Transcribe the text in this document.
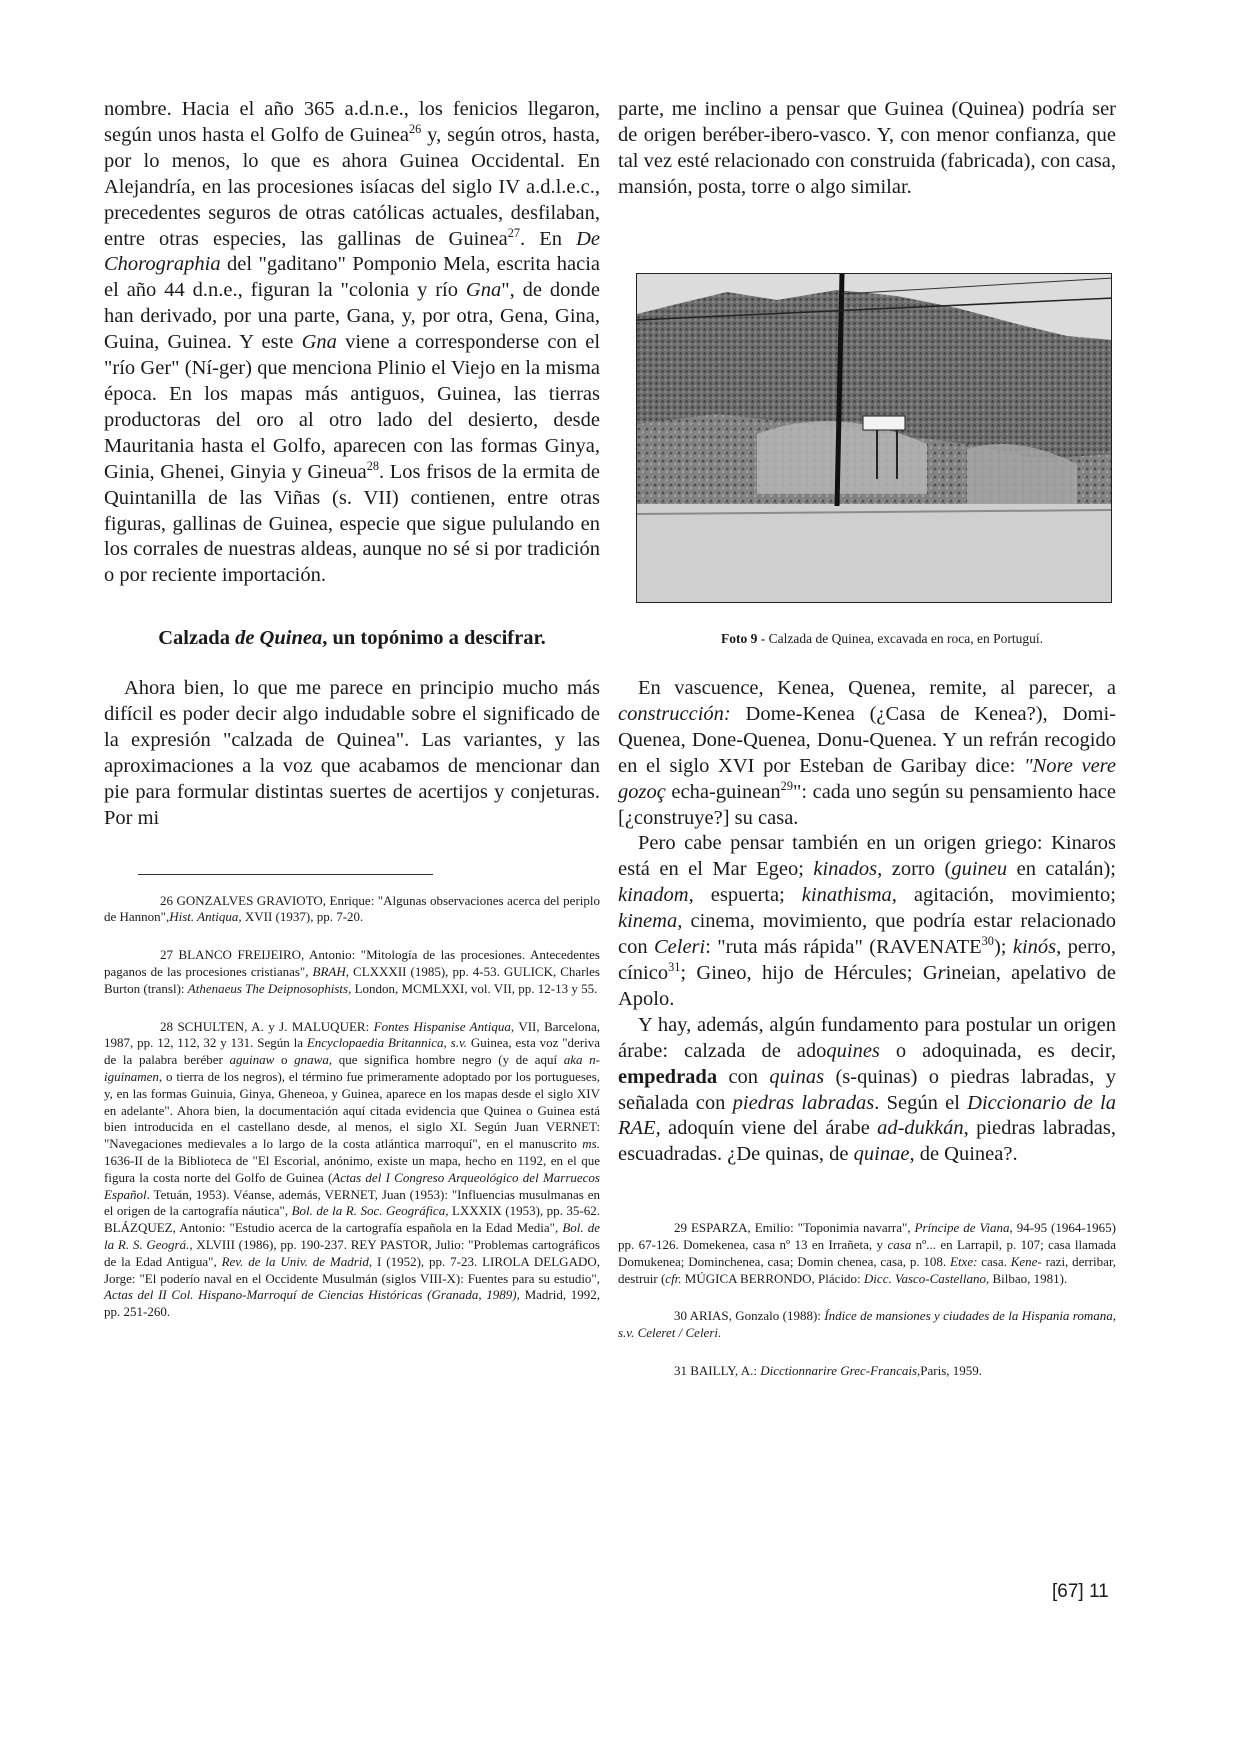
nombre. Hacia el año 365 a.d.n.e., los fenicios llegaron, según unos hasta el Golfo de Guinea$^{26}$ y, según otros, hasta, por lo menos, lo que es ahora Guinea Occidental. En Alejandría, en las procesiones isíacas del siglo IV a.d.l.e.c., precedentes seguros de otras católicas actuales, desfilaban, entre otras especies, las gallinas de Guinea$^{27}$. En De Chorographia del "gaditano" Pomponio Mela, escrita hacia el año 44 d.n.e., figuran la "colonia y río Gna", de donde han derivado, por una parte, Gana, y, por otra, Gena, Gina, Guina, Guinea. Y este Gna viene a corresponderse con el "río Ger" (Ní-ger) que menciona Plinio el Viejo en la misma época. En los mapas más antiguos, Guinea, las tierras productoras del oro al otro lado del desierto, desde Mauritania hasta el Golfo, aparecen con las formas Ginya, Ginia, Ghenei, Ginyia y Gineua$^{28}$. Los frisos de la ermita de Quintanilla de las Viñas (s. VII) contienen, entre otras figuras, gallinas de Guinea, especie que sigue pululando en los corrales de nuestras aldeas, aunque no sé si por tradición o por reciente importación.

Calzada de Quinea, un topónimo a descifrar.

Ahora bien, lo que me parece en principio mucho más difícil es poder decir algo indudable sobre el significado de la expresión "calzada de Quinea". Las variantes, y las aproximaciones a la voz que acabamos de mencionar dan pie para formular distintas suertes de acertijos y conjeturas. Por mi

26 GONZALVES GRAVIOTO, Enrique: "Algunas observaciones acerca del periplo de Hannon",Hist. Antiqua, XVII (1937), pp. 7-20.

27 BLANCO FREIJEIRO, Antonio: "Mitología de las procesiones. Antecedentes paganos de las procesiones cristianas", BRAH, CLXXXII (1985), pp. 4-53. GULICK, Charles Burton (transl): Athenaeus The Deipnosophists, London, MCMLXXI, vol. VII, pp. 12-13 y 55.

28 SCHULTEN, A. y J. MALUQUER: Fontes Hispanise Antiqua, VII, Barcelona, 1987, pp. 12, 112, 32 y 131. Según la Encyclopaedia Britannica, s.v. Guinea, esta voz "deriva de la palabra beréber aguinaw o gnawa, que significa hombre negro (y de aquí aka n-iguinamen, o tierra de los negros), el término fue primeramente adoptado por los portugueses, y, en las formas Guinuia, Ginya, Gheneoa, y Guinea, aparece en los mapas desde el siglo XIV en adelante". Ahora bien, la documentación aquí citada evidencia que Quinea o Guinea está bien introducida en el castellano desde, al menos, el siglo XI. Según Juan VERNET: "Navegaciones medievales a lo largo de la costa atlántica marroquí", en el manuscrito ms. 1636-II de la Biblioteca de "El Escorial, anónimo, existe un mapa, hecho en 1192, en el que figura la costa norte del Golfo de Guinea (Actas del I Congreso Arqueológico del Marruecos Español. Tetuán, 1953). Véanse, además, VERNET, Juan (1953): "Influencias musulmanas en el origen de la cartografía náutica", Bol. de la R. Soc. Geográfica, LXXXIX (1953), pp. 35-62. BLÁZQUEZ, Antonio: "Estudio acerca de la cartografía española en la Edad Media", Bol. de la R. S. Geográ., XLVIII (1986), pp. 190-237. REY PASTOR, Julio: "Problemas cartográficos de la Edad Antigua", Rev. de la Univ. de Madrid, I (1952), pp. 7-23. LIROLA DELGADO, Jorge: "El poderío naval en el Occidente Musulmán (siglos VIII-X): Fuentes para su estudio", Actas del II Col. Hispano-Marroquí de Ciencias Históricas (Granada, 1989), Madrid, 1992, pp. 251-260.

parte, me inclino a pensar que Guinea (Quinea) podría ser de origen beréber-ibero-vasco. Y, con menor confianza, que tal vez esté relacionado con construida (fabricada), con casa, mansión, posta, torre o algo similar.

Foto 9 - Calzada de Quinea, excavada en roca, en Portuguí.

En vascuence, Kenea, Quenea, remite, al parecer, a construcción: Dome-Kenea (¿Casa de Kenea?), Domi-Quenea, Done-Quenea, Donu-Quenea. Y un refrán recogido en el siglo XVI por Esteban de Garibay dice: "Nore vere gozoç echa-guinean$^{29}$": cada uno según su pensamiento hace [¿construye?] su casa.

Pero cabe pensar también en un origen griego: Kinaros está en el Mar Egeo; kinados, zorro (guineu en catalán); kinadom, espuerta; kinathisma, agitación, movimiento; kinema, cinema, movimiento, que podría estar relacionado con Celeri: "ruta más rápida" (RAVENATE$^{30}$); kinós, perro, cínico$^{31}$; Gineo, hijo de Hércules; Grineian, apelativo de Apolo.

Y hay, además, algún fundamento para postular un origen árabe: calzada de adoquines o adoquinada, es decir, empedrada con quinas (s-quinas) o piedras labradas, y señalada con piedras labradas. Según el Diccionario de la RAE, adoquín viene del árabe ad-dukkán, piedras labradas, escuadradas. ¿De quinas, de quinae, de Quinea?.

29 ESPARZA, Emilio: "Toponimia navarra", Príncipe de Viana, 94-95 (1964-1965) pp. 67-126. Domekenea, casa nº 13 en Irrañeta, y casa nº... en Larrapil, p. 107; casa llamada Domukenea; Dominchenea, casa; Domin chenea, casa, p. 108. Etxe: casa. Kene- razi, derribar, destruir (cfr. MÚGICA BERRONDO, Plácido: Dicc. Vasco-Castellano, Bilbao, 1981).

30 ARIAS, Gonzalo (1988): Índice de mansiones y ciudades de la Hispania romana, s.v. Celeret / Celeri.

31 BAILLY, A.: Dicctionnarire Grec-Francais,Paris, 1959.

[67] 11
